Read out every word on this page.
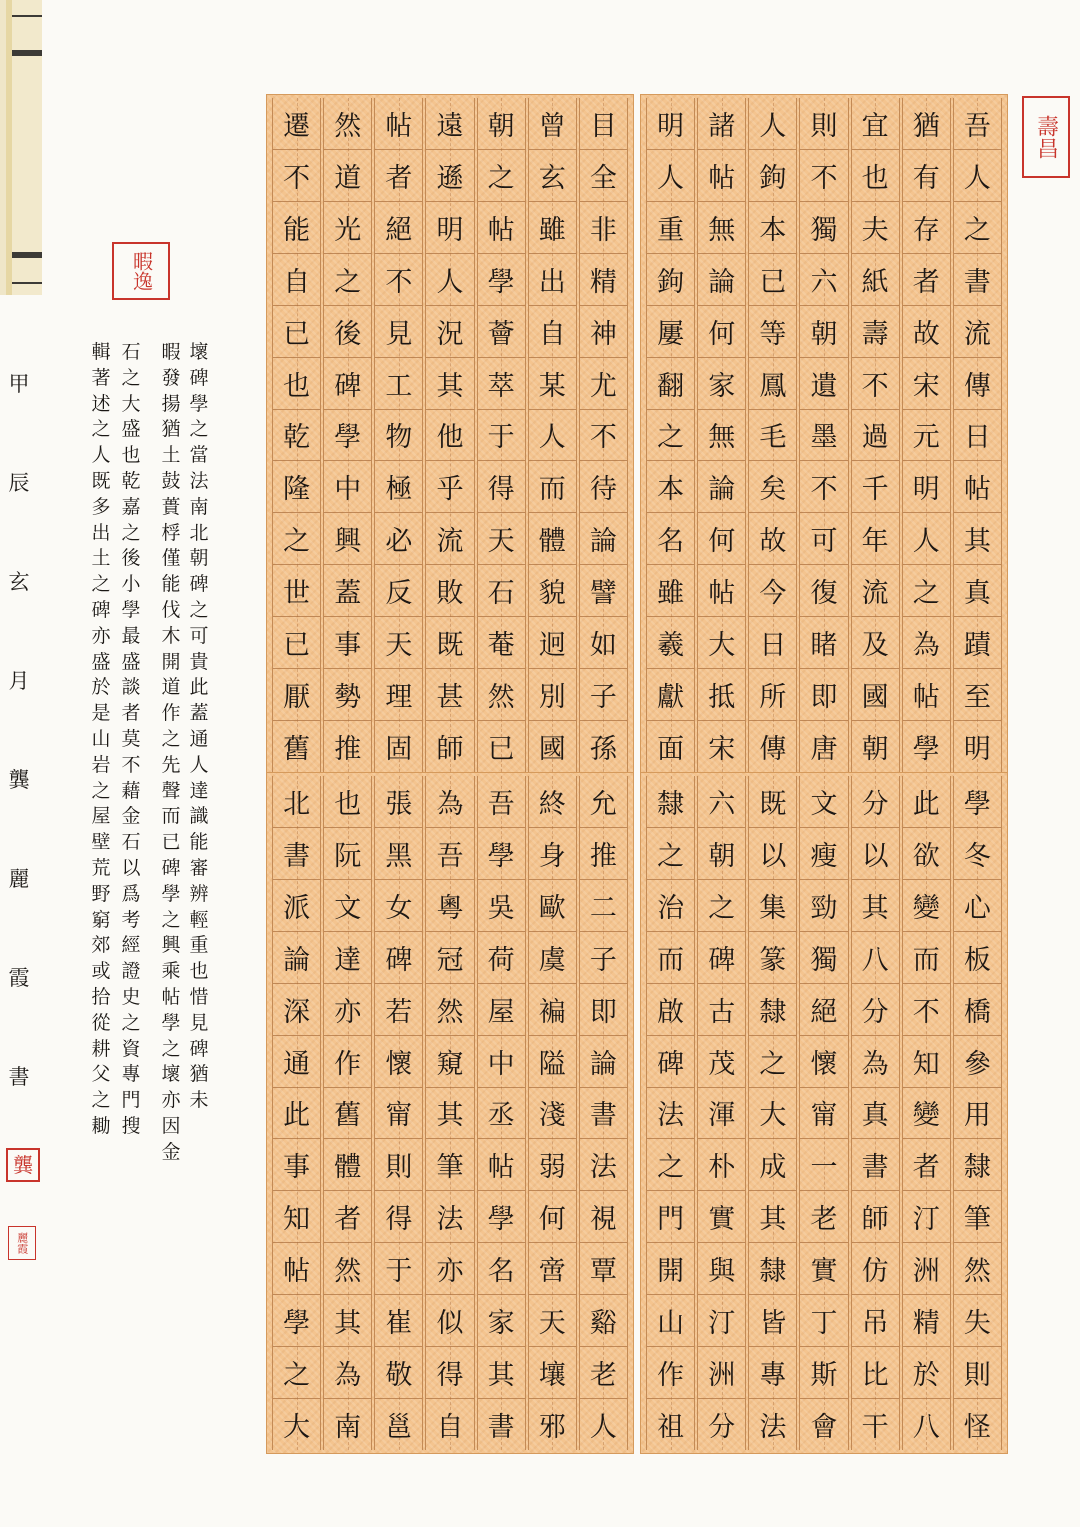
壽昌
暇逸
吾
人
之
書
流
傳
日
帖
其
真
蹟
至
明
猶
有
存
者
故
宋
元
明
人
之
為
帖
學
宜
也
夫
紙
壽
不
過
千
年
流
及
國
朝
則
不
獨
六
朝
遺
墨
不
可
復
睹
即
唐
人
鉤
本
已
等
鳳
毛
矣
故
今
日
所
傳
諸
帖
無
論
何
家
無
論
何
帖
大
抵
宋
明
人
重
鉤
屢
翻
之
本
名
雖
羲
獻
面
目
全
非
精
神
尤
不
待
論
譬
如
子
孫
曾
玄
雖
出
自
某
人
而
體
貌
迥
別
國
朝
之
帖
學
薈
萃
于
得
天
石
菴
然
已
遠
遜
明
人
況
其
他
乎
流
敗
既
甚
師
帖
者
絕
不
見
工
物
極
必
反
天
理
固
然
道
光
之
後
碑
學
中
興
蓋
事
勢
推
遷
不
能
自
已
也
乾
隆
之
世
已
厭
舊
學
冬
心
板
橋
參
用
隸
筆
然
失
則
怪
此
欲
變
而
不
知
變
者
汀
洲
精
於
八
分
以
其
八
分
為
真
書
師
仿
吊
比
干
文
瘦
勁
獨
絕
懷
甯
一
老
實
丁
斯
會
既
以
集
篆
隸
之
大
成
其
隸
皆
專
法
六
朝
之
碑
古
茂
渾
朴
實
與
汀
洲
分
隸
之
治
而
啟
碑
法
之
門
開
山
作
祖
允
推
二
子
即
論
書
法
視
覃
谿
老
人
終
身
歐
虞
褊
隘
淺
弱
何
啻
天
壤
邪
吾
學
吳
荷
屋
中
丞
帖
學
名
家
其
書
為
吾
粵
冠
然
窺
其
筆
法
亦
似
得
自
張
黑
女
碑
若
懷
甯
則
得
于
崔
敬
邕
也
阮
文
達
亦
作
舊
體
者
然
其
為
南
北
書
派
論
深
通
此
事
知
帖
學
之
大
壞碑學之當法南北朝碑之可貴此蓋通人達識能審辨輕重也惜見碑猶未
暇發揚猶土鼓蕢桴僅能伐木開道作之先聲而已碑學之興乘帖學之壞亦因金
石之大盛也乾嘉之後小學最盛談者莫不藉金石以爲考經證史之資專門搜
輯著述之人既多出土之碑亦盛於是山岩之屋壁荒野窮郊或拾從耕父之耡
甲
辰
玄
月
龔
麗
霞
書
龔
麗霞
